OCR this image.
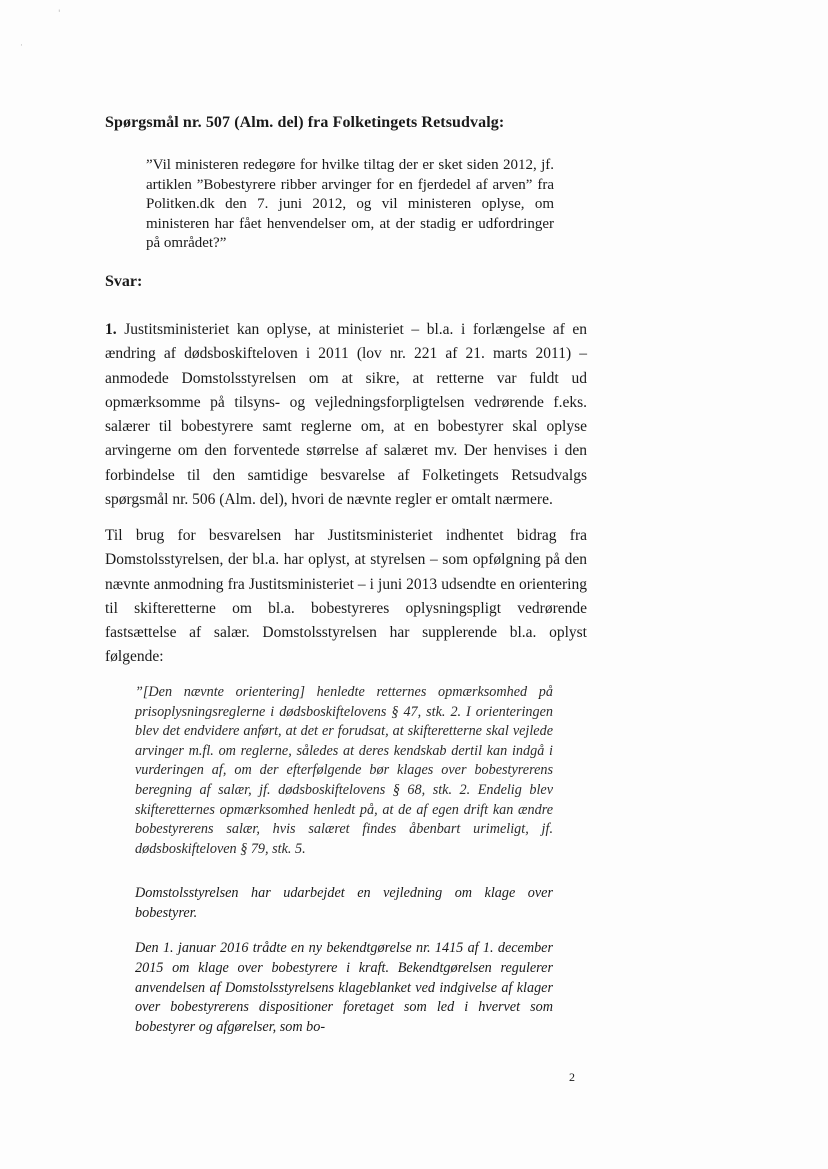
'
·
Spørgsmål nr. 507 (Alm. del) fra Folketingets Retsudvalg:
”Vil ministeren redegøre for hvilke tiltag der er sket siden 2012, jf. artiklen ”Bobestyrere ribber arvinger for en fjerdedel af arven” fra Politken.dk den 7. juni 2012, og vil ministeren oplyse, om ministeren har fået henvendelser om, at der stadig er udfordringer på området?”
Svar:
1. Justitsministeriet kan oplyse, at ministeriet – bl.a. i forlængelse af en ændring af dødsboskifteloven i 2011 (lov nr. 221 af 21. marts 2011) – anmodede Domstolsstyrelsen om at sikre, at retterne var fuldt ud opmærksomme på tilsyns- og vejledningsforpligtelsen vedrørende f.eks. salærer til bobestyrere samt reglerne om, at en bobestyrer skal oplyse arvingerne om den forventede størrelse af salæret mv. Der henvises i den forbindelse til den samtidige besvarelse af Folketingets Retsudvalgs spørgsmål nr. 506 (Alm. del), hvori de nævnte regler er omtalt nærmere.
Til brug for besvarelsen har Justitsministeriet indhentet bidrag fra Domstolsstyrelsen, der bl.a. har oplyst, at styrelsen – som opfølgning på den nævnte anmodning fra Justitsministeriet – i juni 2013 udsendte en orientering til skifteretterne om bl.a. bobestyreres oplysningspligt vedrørende fastsættelse af salær. Domstolsstyrelsen har supplerende bl.a. oplyst følgende:
”[Den nævnte orientering] henledte retternes opmærksomhed på prisoplysningsreglerne i dødsboskiftelovens § 47, stk. 2. I orienteringen blev det endvidere anført, at det er forudsat, at skifteretterne skal vejlede arvinger m.fl. om reglerne, således at deres kendskab dertil kan indgå i vurderingen af, om der efterfølgende bør klages over bobestyrerens beregning af salær, jf. dødsboskiftelovens § 68, stk. 2. Endelig blev skifteretternes opmærksomhed henledt på, at de af egen drift kan ændre bobestyrerens salær, hvis salæret findes åbenbart urimeligt, jf. dødsboskifteloven § 79, stk. 5.
Domstolsstyrelsen har udarbejdet en vejledning om klage over bobestyrer.
Den 1. januar 2016 trådte en ny bekendtgørelse nr. 1415 af 1. december 2015 om klage over bobestyrere i kraft. Bekendtgørelsen regulerer anvendelsen af Domstolsstyrelsens klageblanket ved indgivelse af klager over bobestyrerens dispositioner foretaget som led i hvervet som bobestyrer og afgørelser, som bo-
2
